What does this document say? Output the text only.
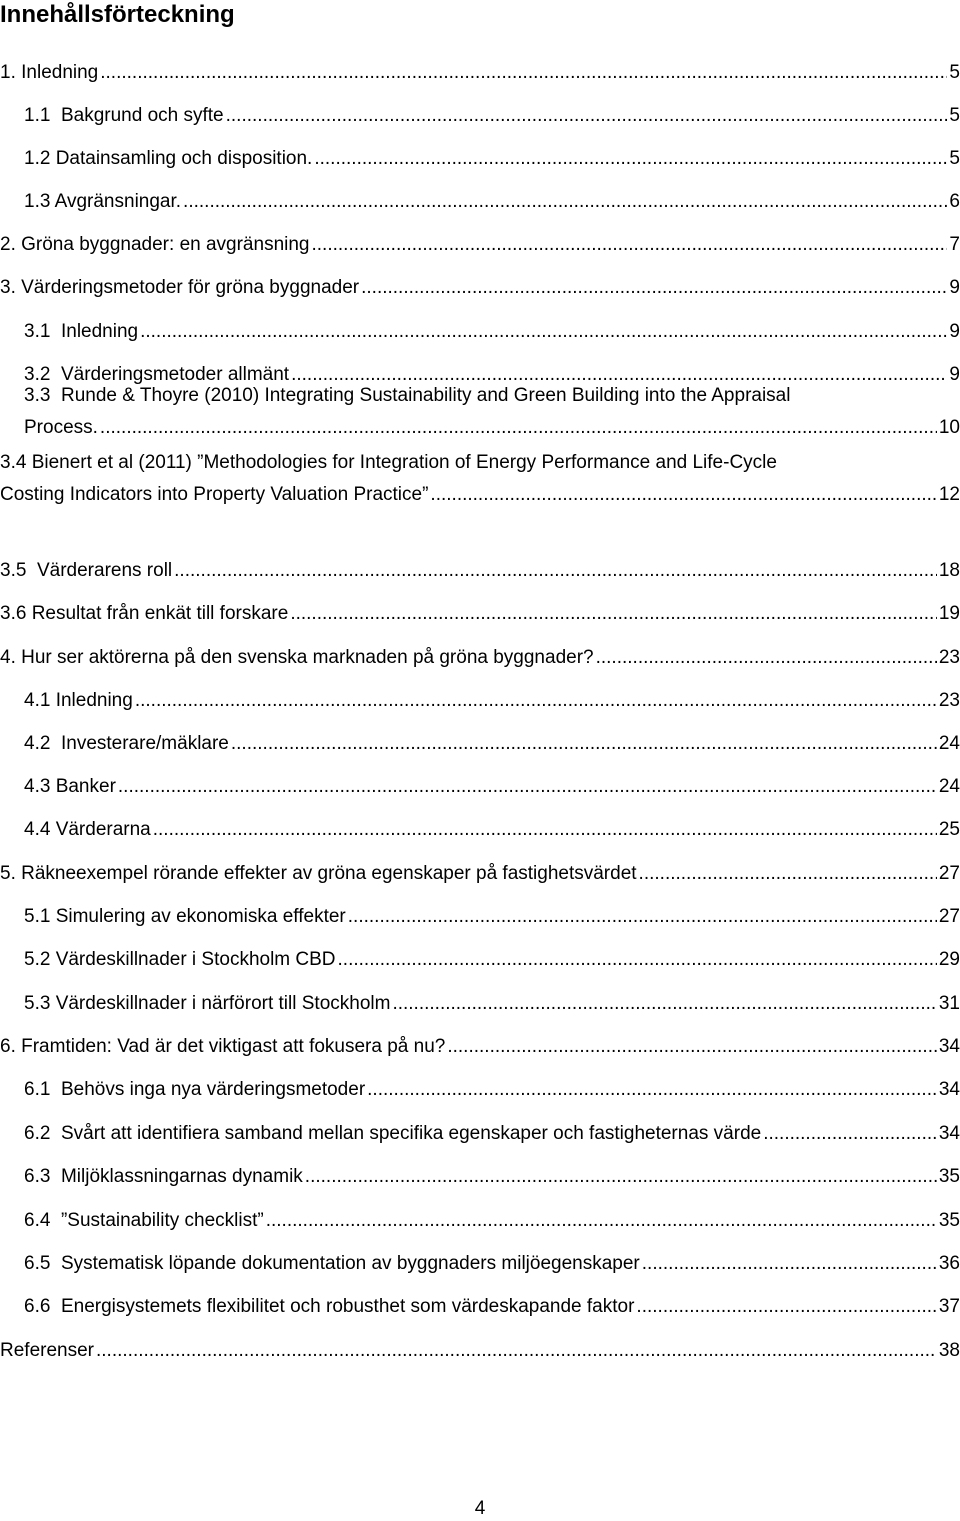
Innehållsförteckning
1. Inledning .....	5
1.1  Bakgrund och syfte .....	5
1.2 Datainsamling och disposition. .....	5
1.3 Avgränsningar. .....	6
2. Gröna byggnader: en avgränsning .....	7
3. Värderingsmetoder för gröna byggnader .....	9
3.1  Inledning .....	9
3.2  Värderingsmetoder allmänt .....	9
3.3  Runde & Thoyre (2010) Integrating Sustainability and Green Building into the Appraisal
Process. .....	10
3.4 Bienert et al (2011) ”Methodologies for Integration of Energy Performance and Life-Cycle
Costing Indicators into Property Valuation Practice” .....	12
3.5  Värderarens roll .....	18
3.6 Resultat från enkät till forskare .....	19
4. Hur ser aktörerna på den svenska marknaden på gröna byggnader? .....	23
4.1 Inledning .....	23
4.2  Investerare/mäklare .....	24
4.3 Banker .....	24
4.4 Värderarna .....	25
5. Räkneexempel rörande effekter av gröna egenskaper på fastighetsvärdet .....	27
5.1 Simulering av ekonomiska effekter .....	27
5.2 Värdeskillnader i Stockholm CBD .....	29
5.3 Värdeskillnader i närförort till Stockholm .....	31
6. Framtiden: Vad är det viktigast att fokusera på nu? .....	34
6.1  Behövs inga nya värderingsmetoder .....	34
6.2  Svårt att identifiera samband mellan specifika egenskaper och fastigheternas värde .....	34
6.3  Miljöklassningarnas dynamik .....	35
6.4  ”Sustainability checklist” .....	35
6.5  Systematisk löpande dokumentation av byggnaders miljöegenskaper .....	36
6.6  Energisystemets flexibilitet och robusthet som värdeskapande faktor .....	37
Referenser .....	38
4
